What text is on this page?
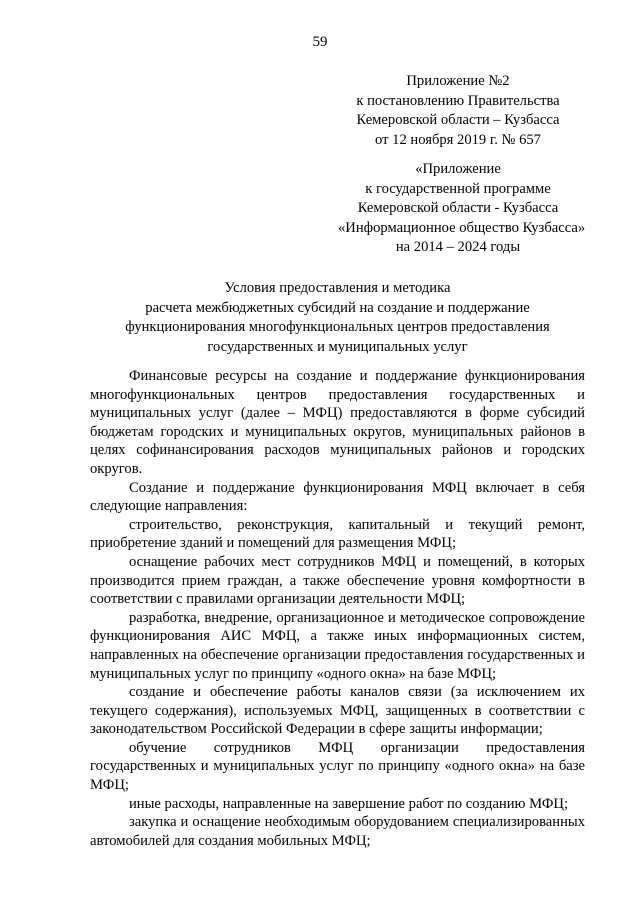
59
Приложение №2
к постановлению Правительства
Кемеровской области – Кузбасса
от 12 ноября 2019 г. № 657
«Приложение
к государственной программе
Кемеровской области - Кузбасса
«Информационное общество Кузбасса»
на 2014 – 2024 годы
Условия предоставления и методика
расчета межбюджетных субсидий на создание и поддержание
функционирования многофункциональных центров предоставления
государственных и муниципальных услуг

Финансовые ресурсы на создание и поддержание функционирования многофункциональных центров предоставления государственных и муниципальных услуг (далее – МФЦ) предоставляются в форме субсидий бюджетам городских и муниципальных округов, муниципальных районов в целях софинансирования расходов муниципальных районов и городских округов.

Создание и поддержание функционирования МФЦ включает в себя следующие направления:

строительство, реконструкция, капитальный и текущий ремонт, приобретение зданий и помещений для размещения МФЦ;

оснащение рабочих мест сотрудников МФЦ и помещений, в которых производится прием граждан, а также обеспечение уровня комфортности в соответствии с правилами организации деятельности МФЦ;

разработка, внедрение, организационное и методическое сопровождение функционирования АИС МФЦ, а также иных информационных систем, направленных на обеспечение организации предоставления государственных и муниципальных услуг по принципу «одного окна» на базе МФЦ;

создание и обеспечение работы каналов связи (за исключением их текущего содержания), используемых МФЦ, защищенных в соответствии с законодательством Российской Федерации в сфере защиты информации;

обучение сотрудников МФЦ организации предоставления государственных и муниципальных услуг по принципу «одного окна» на базе МФЦ;

иные расходы, направленные на завершение работ по созданию МФЦ;

закупка и оснащение необходимым оборудованием специализированных автомобилей для создания мобильных МФЦ;
